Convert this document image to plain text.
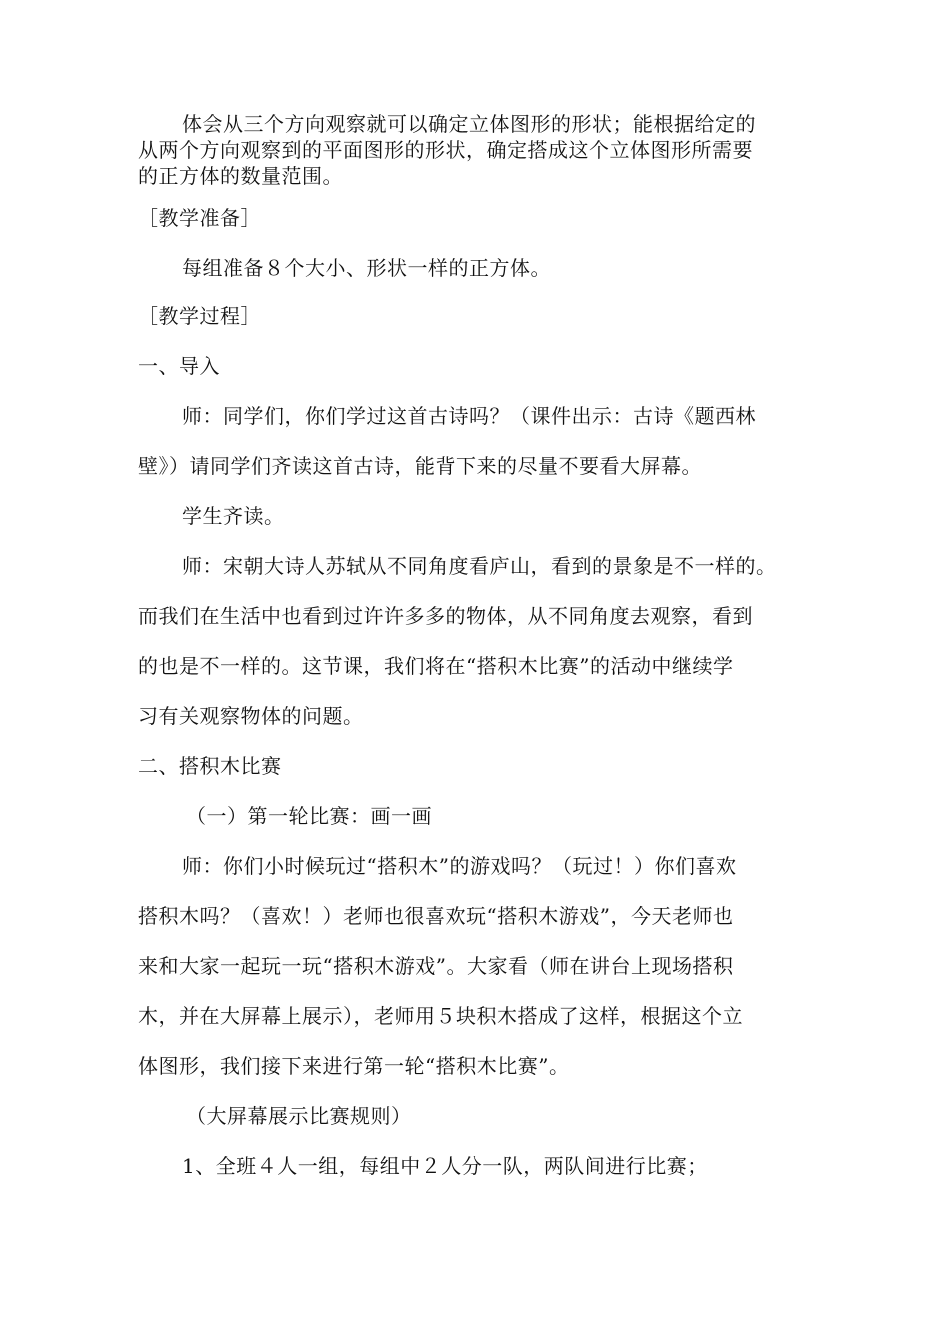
体会从三个方向观察就可以确定立体图形的形状；能根据给定的
从两个方向观察到的平面图形的形状，确定搭成这个立体图形所需要
的正方体的数量范围。
［教学准备］
每组准备８个大小、形状一样的正方体。
［教学过程］
一、导入
师：同学们，你们学过这首古诗吗？（课件出示：古诗《题西林
壁》）请同学们齐读这首古诗，能背下来的尽量不要看大屏幕。
学生齐读。
师：宋朝大诗人苏轼从不同角度看庐山，看到的景象是不一样的。
而我们在生活中也看到过许许多多的物体，从不同角度去观察，看到
的也是不一样的。这节课，我们将在“搭积木比赛”的活动中继续学
习有关观察物体的问题。
二、搭积木比赛
（一）第一轮比赛：画一画
师：你们小时候玩过“搭积木”的游戏吗？（玩过！）你们喜欢
搭积木吗？（喜欢！）老师也很喜欢玩“搭积木游戏”，今天老师也
来和大家一起玩一玩“搭积木游戏”。大家看（师在讲台上现场搭积
木，并在大屏幕上展示），老师用５块积木搭成了这样，根据这个立
体图形，我们接下来进行第一轮“搭积木比赛”。
（大屏幕展示比赛规则）
1、全班４人一组，每组中２人分一队，两队间进行比赛；
